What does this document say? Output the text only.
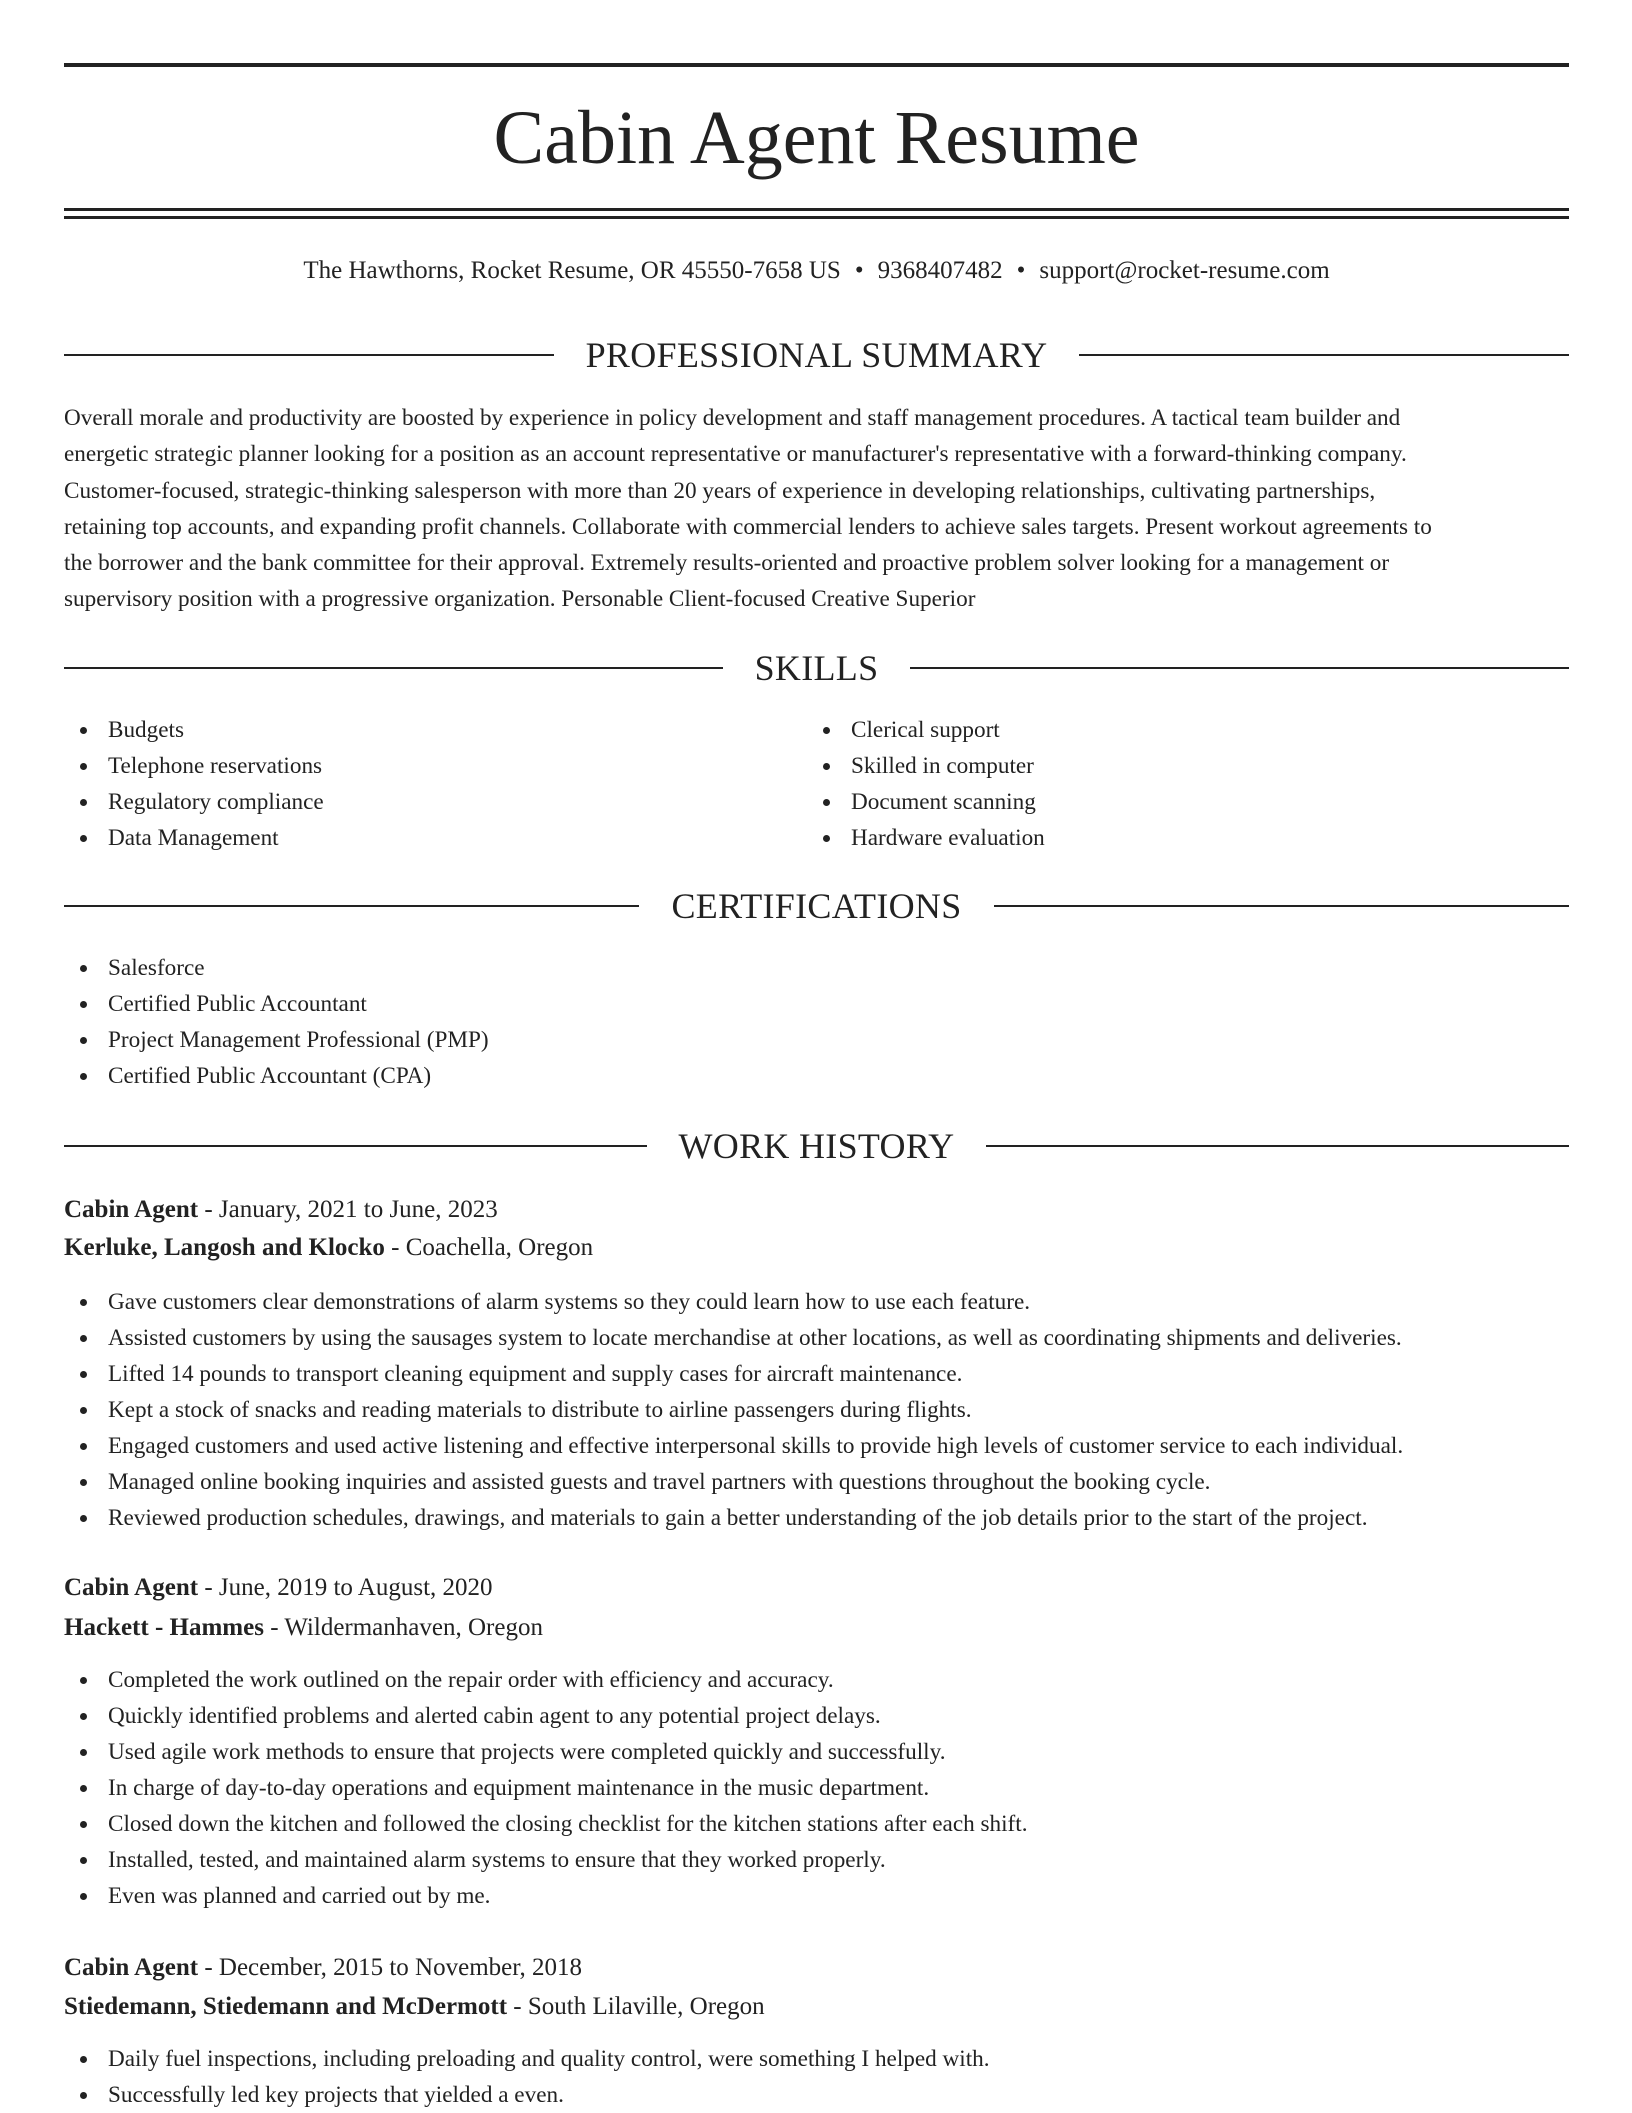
Cabin Agent Resume
The Hawthorns, Rocket Resume, OR 45550-7658 US • 9368407482 • support@rocket-resume.com
PROFESSIONAL SUMMARY
Overall morale and productivity are boosted by experience in policy development and staff management procedures. A tactical team builder and
energetic strategic planner looking for a position as an account representative or manufacturer's representative with a forward-thinking company.
Customer-focused, strategic-thinking salesperson with more than 20 years of experience in developing relationships, cultivating partnerships,
retaining top accounts, and expanding profit channels. Collaborate with commercial lenders to achieve sales targets. Present workout agreements to
the borrower and the bank committee for their approval. Extremely results-oriented and proactive problem solver looking for a management or
supervisory position with a progressive organization. Personable Client-focused Creative Superior
SKILLS
Budgets
Telephone reservations
Regulatory compliance
Data Management
Clerical support
Skilled in computer
Document scanning
Hardware evaluation
CERTIFICATIONS
Salesforce
Certified Public Accountant
Project Management Professional (PMP)
Certified Public Accountant (CPA)
WORK HISTORY
Cabin Agent - January, 2021 to June, 2023
Kerluke, Langosh and Klocko - Coachella, Oregon
Gave customers clear demonstrations of alarm systems so they could learn how to use each feature.
Assisted customers by using the sausages system to locate merchandise at other locations, as well as coordinating shipments and deliveries.
Lifted 14 pounds to transport cleaning equipment and supply cases for aircraft maintenance.
Kept a stock of snacks and reading materials to distribute to airline passengers during flights.
Engaged customers and used active listening and effective interpersonal skills to provide high levels of customer service to each individual.
Managed online booking inquiries and assisted guests and travel partners with questions throughout the booking cycle.
Reviewed production schedules, drawings, and materials to gain a better understanding of the job details prior to the start of the project.
Cabin Agent - June, 2019 to August, 2020
Hackett - Hammes - Wildermanhaven, Oregon
Completed the work outlined on the repair order with efficiency and accuracy.
Quickly identified problems and alerted cabin agent to any potential project delays.
Used agile work methods to ensure that projects were completed quickly and successfully.
In charge of day-to-day operations and equipment maintenance in the music department.
Closed down the kitchen and followed the closing checklist for the kitchen stations after each shift.
Installed, tested, and maintained alarm systems to ensure that they worked properly.
Even was planned and carried out by me.
Cabin Agent - December, 2015 to November, 2018
Stiedemann, Stiedemann and McDermott - South Lilaville, Oregon
Daily fuel inspections, including preloading and quality control, were something I helped with.
Successfully led key projects that yielded a even.
